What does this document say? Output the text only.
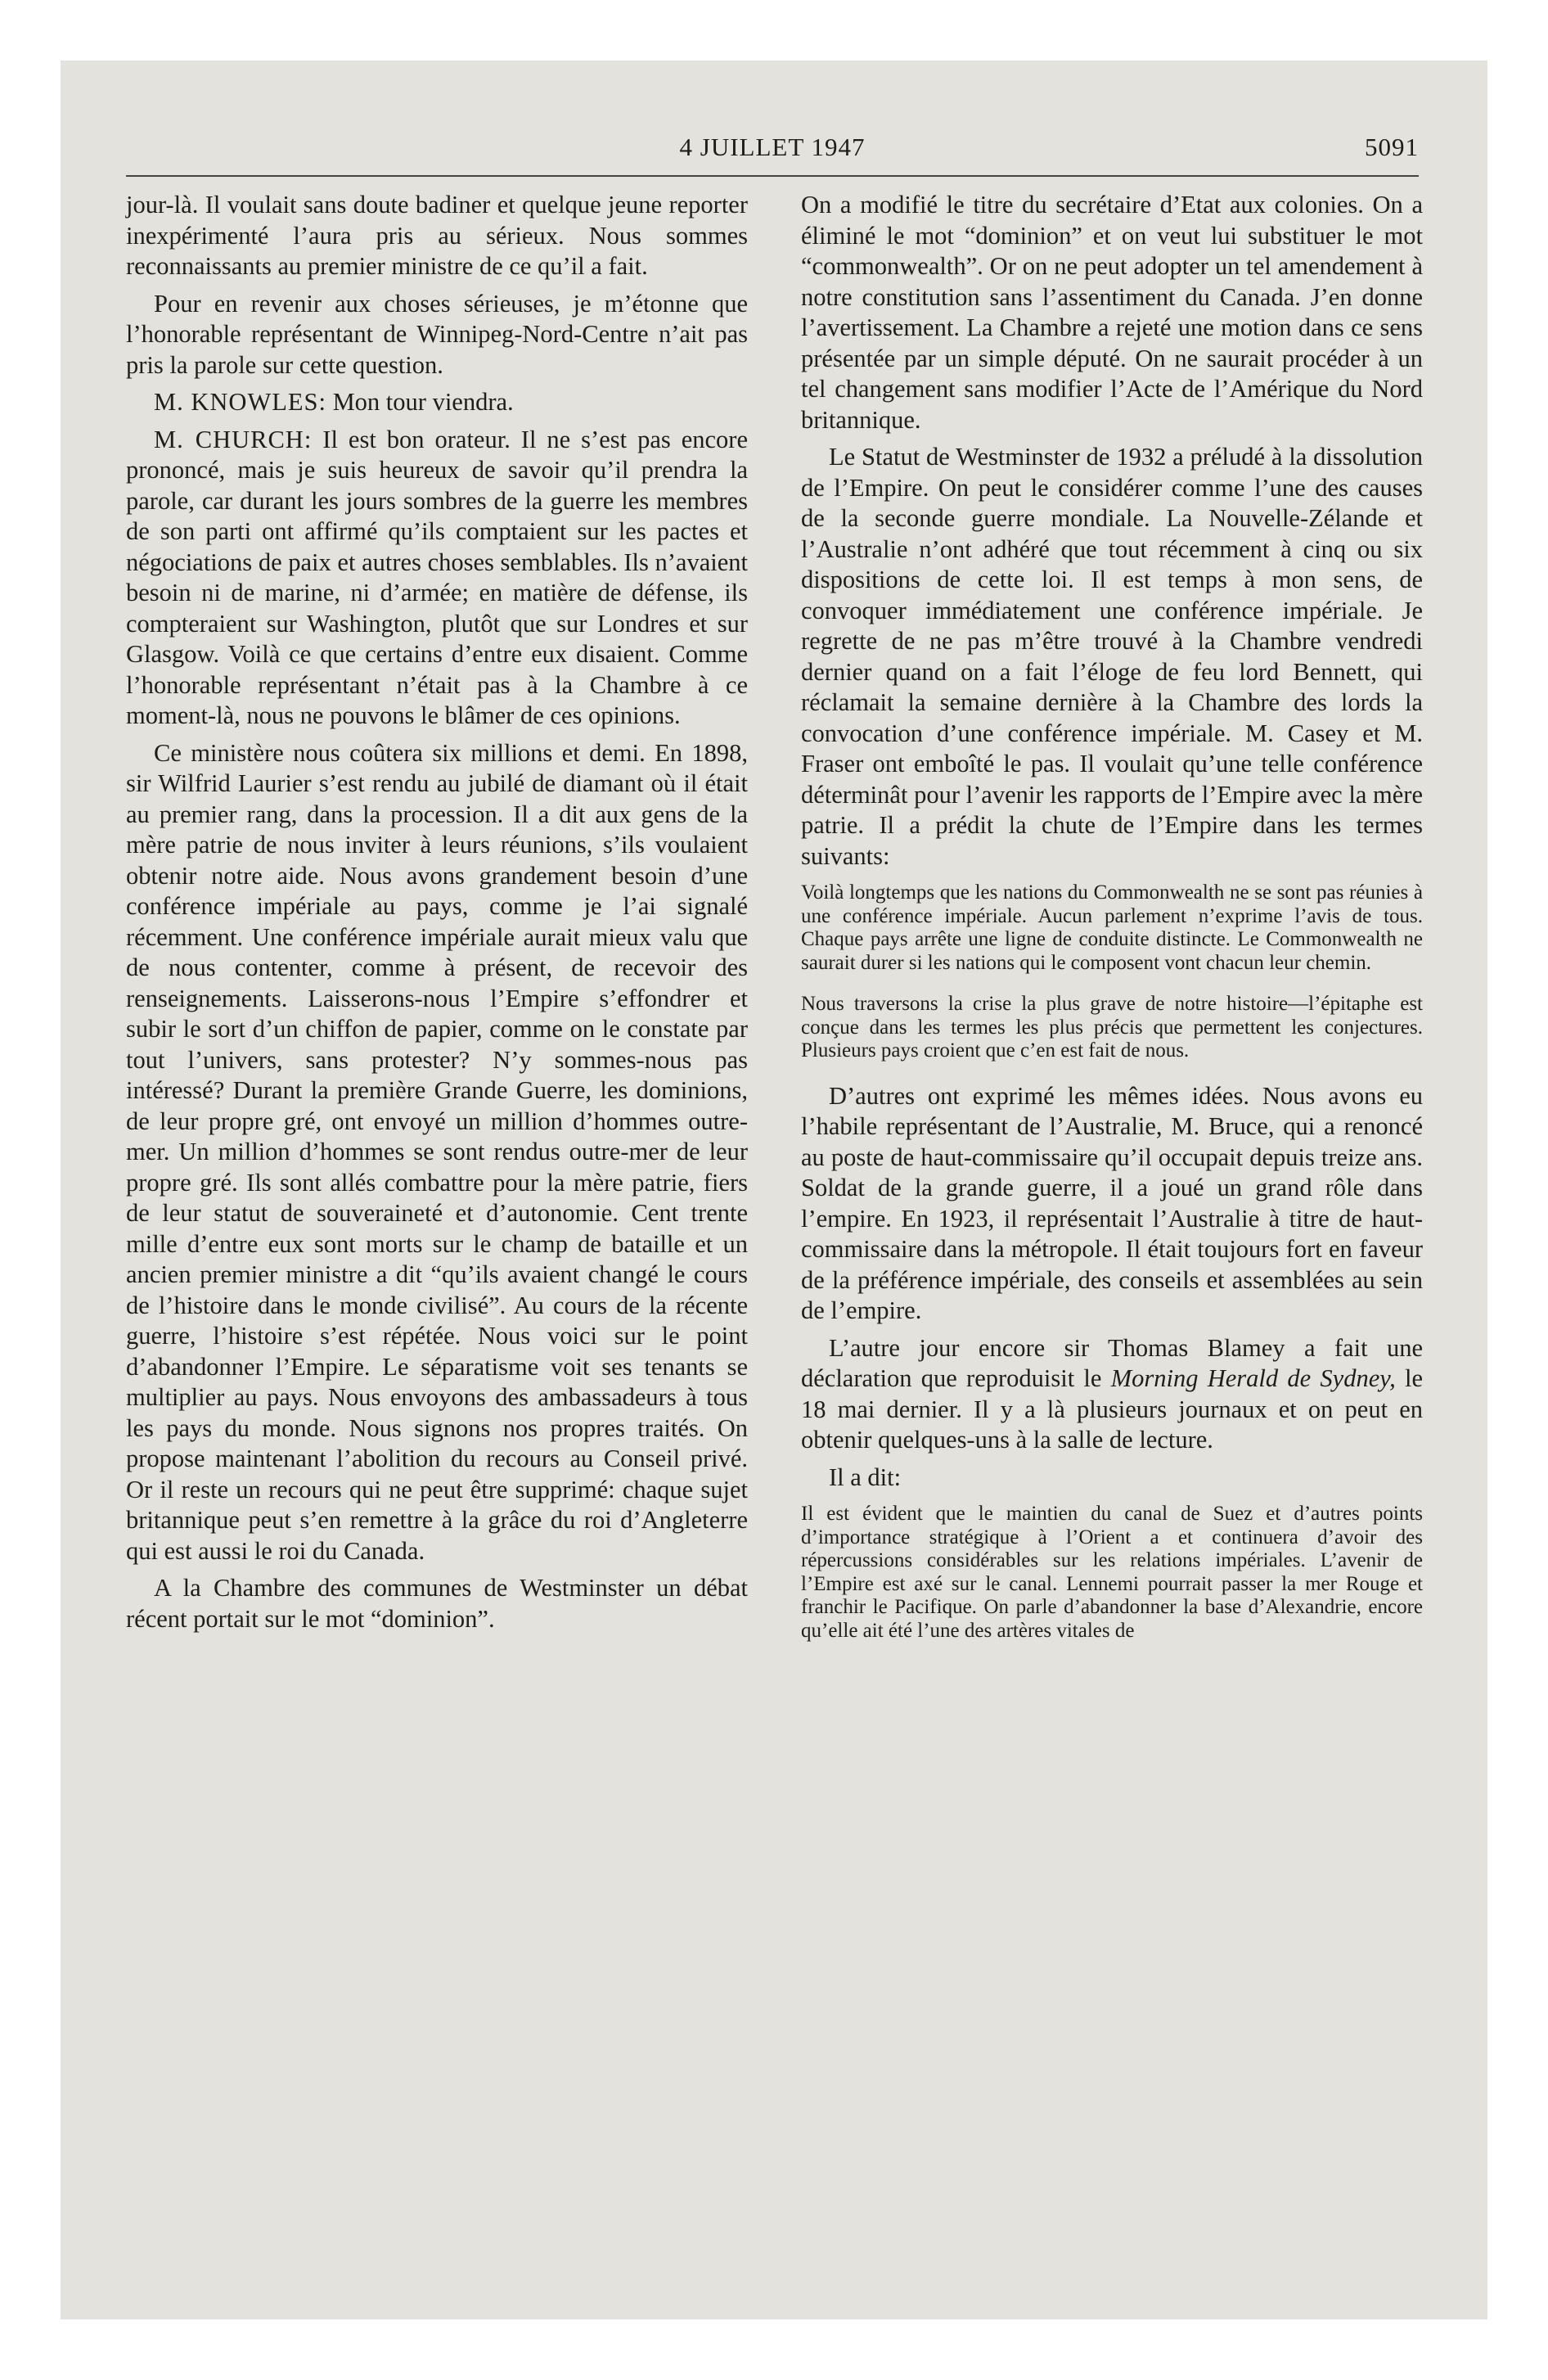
4 JUILLET 1947	5091

jour-là. Il voulait sans doute badiner et quelque jeune reporter inexpérimenté l’aura pris au sérieux. Nous sommes reconnaissants au premier ministre de ce qu’il a fait.

Pour en revenir aux choses sérieuses, je m’étonne que l’honorable représentant de Winnipeg-Nord-Centre n’ait pas pris la parole sur cette question.

M. KNOWLES: Mon tour viendra.

M. CHURCH: Il est bon orateur. Il ne s’est pas encore prononcé, mais je suis heureux de savoir qu’il prendra la parole, car durant les jours sombres de la guerre les membres de son parti ont affirmé qu’ils comptaient sur les pactes et négociations de paix et autres choses semblables. Ils n’avaient besoin ni de marine, ni d’armée; en matière de défense, ils compteraient sur Washington, plutôt que sur Londres et sur Glasgow. Voilà ce que certains d’entre eux disaient. Comme l’honorable représentant n’était pas à la Chambre à ce moment-là, nous ne pouvons le blâmer de ces opinions.

Ce ministère nous coûtera six millions et demi. En 1898, sir Wilfrid Laurier s’est rendu au jubilé de diamant où il était au premier rang, dans la procession. Il a dit aux gens de la mère patrie de nous inviter à leurs réunions, s’ils voulaient obtenir notre aide. Nous avons grandement besoin d’une conférence impériale au pays, comme je l’ai signalé récemment. Une conférence impériale aurait mieux valu que de nous contenter, comme à présent, de recevoir des renseignements. Laisserons-nous l’Empire s’effondrer et subir le sort d’un chiffon de papier, comme on le constate par tout l’univers, sans protester? N’y sommes-nous pas intéressé? Durant la première Grande Guerre, les dominions, de leur propre gré, ont envoyé un million d’hommes outre-mer. Un million d’hommes se sont rendus outre-mer de leur propre gré. Ils sont allés combattre pour la mère patrie, fiers de leur statut de souveraineté et d’autonomie. Cent trente mille d’entre eux sont morts sur le champ de bataille et un ancien premier ministre a dit “qu’ils avaient changé le cours de l’histoire dans le monde civilisé”. Au cours de la récente guerre, l’histoire s’est répétée. Nous voici sur le point d’abandonner l’Empire. Le séparatisme voit ses tenants se multiplier au pays. Nous envoyons des ambassadeurs à tous les pays du monde. Nous signons nos propres traités. On propose maintenant l’abolition du recours au Conseil privé. Or il reste un recours qui ne peut être supprimé: chaque sujet britannique peut s’en remettre à la grâce du roi d’Angleterre qui est aussi le roi du Canada.

A la Chambre des communes de Westminster un débat récent portait sur le mot “dominion”.

On a modifié le titre du secrétaire d’Etat aux colonies. On a éliminé le mot “dominion” et on veut lui substituer le mot “commonwealth”. Or on ne peut adopter un tel amendement à notre constitution sans l’assentiment du Canada. J’en donne l’avertissement. La Chambre a rejeté une motion dans ce sens présentée par un simple député. On ne saurait procéder à un tel changement sans modifier l’Acte de l’Amérique du Nord britannique.

Le Statut de Westminster de 1932 a préludé à la dissolution de l’Empire. On peut le considérer comme l’une des causes de la seconde guerre mondiale. La Nouvelle-Zélande et l’Australie n’ont adhéré que tout récemment à cinq ou six dispositions de cette loi. Il est temps à mon sens, de convoquer immédiatement une conférence impériale. Je regrette de ne pas m’être trouvé à la Chambre vendredi dernier quand on a fait l’éloge de feu lord Bennett, qui réclamait la semaine dernière à la Chambre des lords la convocation d’une conférence impériale. M. Casey et M. Fraser ont emboîté le pas. Il voulait qu’une telle conférence déterminât pour l’avenir les rapports de l’Empire avec la mère patrie. Il a prédit la chute de l’Empire dans les termes suivants:

Voilà longtemps que les nations du Commonwealth ne se sont pas réunies à une conférence impériale. Aucun parlement n’exprime l’avis de tous. Chaque pays arrête une ligne de conduite distincte. Le Commonwealth ne saurait durer si les nations qui le composent vont chacun leur chemin.

Nous traversons la crise la plus grave de notre histoire—l’épitaphe est conçue dans les termes les plus précis que permettent les conjectures. Plusieurs pays croient que c’en est fait de nous.

D’autres ont exprimé les mêmes idées. Nous avons eu l’habile représentant de l’Australie, M. Bruce, qui a renoncé au poste de haut-commissaire qu’il occupait depuis treize ans. Soldat de la grande guerre, il a joué un grand rôle dans l’empire. En 1923, il représentait l’Australie à titre de haut-commissaire dans la métropole. Il était toujours fort en faveur de la préférence impériale, des conseils et assemblées au sein de l’empire.

L’autre jour encore sir Thomas Blamey a fait une déclaration que reproduisit le Morning Herald de Sydney, le 18 mai dernier. Il y a là plusieurs journaux et on peut en obtenir quelques-uns à la salle de lecture.

Il a dit:

Il est évident que le maintien du canal de Suez et d’autres points d’importance stratégique à l’Orient a et continuera d’avoir des répercussions considérables sur les relations impériales. L’avenir de l’Empire est axé sur le canal. Lennemi pourrait passer la mer Rouge et franchir le Pacifique. On parle d’abandonner la base d’Alexandrie, encore qu’elle ait été l’une des artères vitales de
